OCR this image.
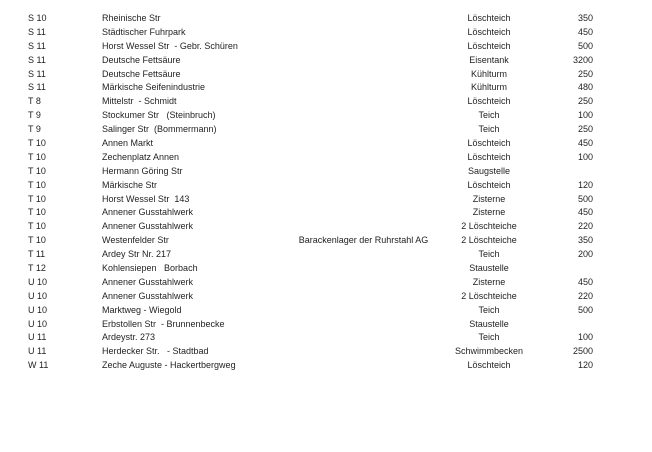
S 10	Rheinische Str	Löschteich	350
S 11	Städtischer Fuhrpark	Löschteich	450
S 11	Horst Wessel Str  - Gebr. Schüren	Löschteich	500
S 11	Deutsche Fettsäure	Eisentank	3200
S 11	Deutsche Fettsäure	Kühlturm	250
S 11	Märkische Seifenindustrie	Kühlturm	480
T 8	Mittelstr  - Schmidt	Löschteich	250
T 9	Stockumer Str   (Steinbruch)	Teich	100
T 9	Salinger Str  (Bommermann)	Teich	250
T 10	Annen Markt	Löschteich	450
T 10	Zechenplatz Annen	Löschteich	100
T 10	Hermann Göring Str	Saugstelle
T 10	Märkische Str	Löschteich	120
T 10	Horst Wessel Str  143	Zisterne	500
T 10	Annener Gusstahlwerk	Zisterne	450
T 10	Annener Gusstahlwerk	2 Löschteiche	220
T 10	Westenfelder Str	Barackenlager der Ruhrstahl AG	2 Löschteiche	350
T 11	Ardey Str Nr. 217	Teich	200
T 12	Kohlensiepen   Borbach	Staustelle
U 10	Annener Gusstahlwerk	Zisterne	450
U 10	Annener Gusstahlwerk	2 Löschteiche	220
U 10	Marktweg - Wiegold	Teich	500
U 10	Erbstollen Str  - Brunnenbecke	Staustelle
U 11	Ardeystr. 273	Teich	100
U 11	Herdecker Str.   - Stadtbad	Schwimmbecken	2500
W 11	Zeche Auguste - Hackertbergweg	Löschteich	120
